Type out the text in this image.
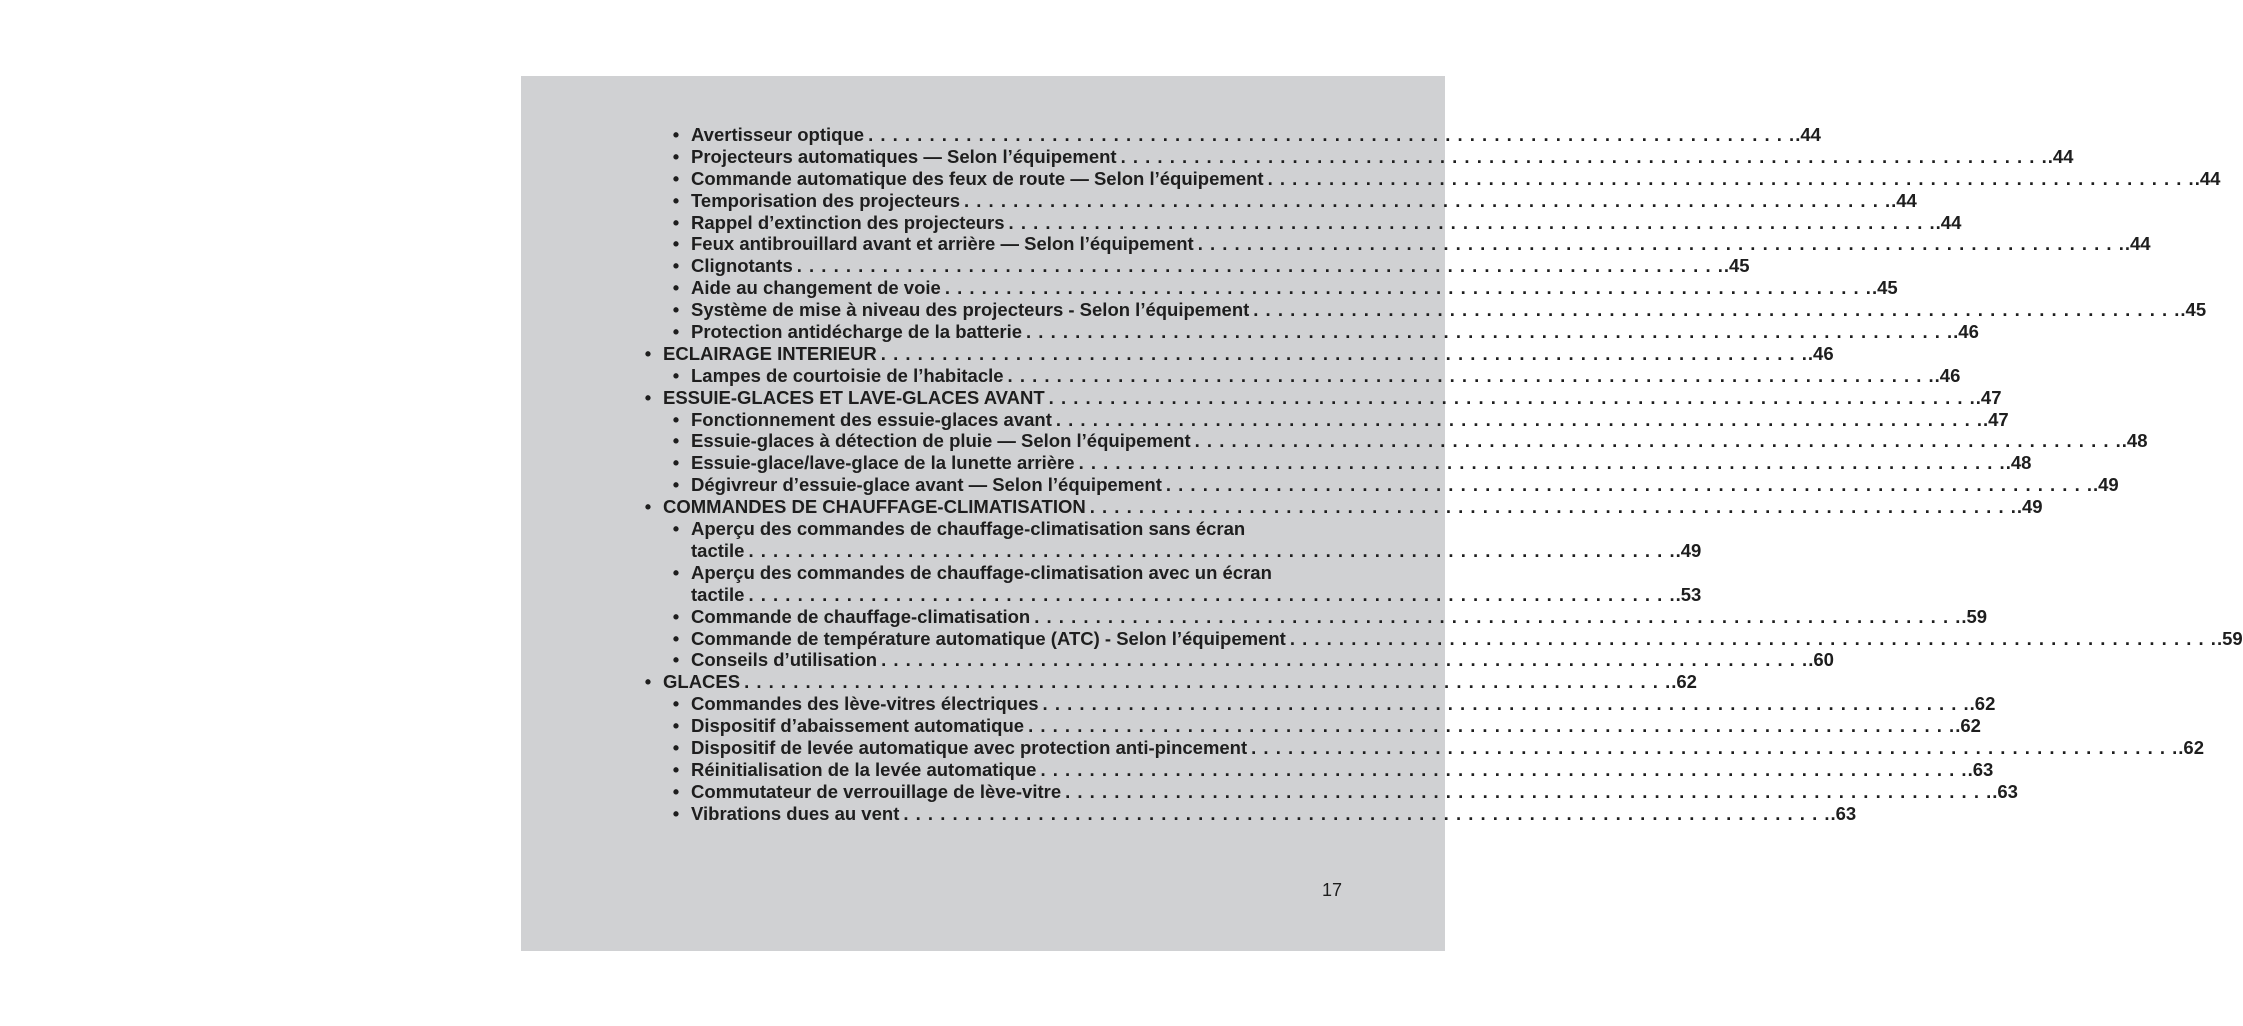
• Avertisseur optique . . . . . . . . . . . . . . . . . . . . . . . . . . . . . . . . . . . . . . . . . . . . . . . . . . . . . . . . . . . . . . . . . . . . . . . . . . . . .44
• Projecteurs automatiques — Selon l’équipement . . . . . . . . . . . . . . . . . . . . . . . . . . . . . . . . . . . . . . . . . . . . . . . . . . . . . . . . . . . . . . . . . . . . . . . . . . . . .44
• Commande automatique des feux de route — Selon l’équipement . . . . . . . . . . . . . . . . . . . . . . . . . . . . . . . . . . . . . . . . . . . . . . . . . . . . . . . . . . . . . . . . . . . . . . . . . . . . .44
• Temporisation des projecteurs . . . . . . . . . . . . . . . . . . . . . . . . . . . . . . . . . . . . . . . . . . . . . . . . . . . . . . . . . . . . . . . . . . . . . . . . . . . . .44
• Rappel d’extinction des projecteurs . . . . . . . . . . . . . . . . . . . . . . . . . . . . . . . . . . . . . . . . . . . . . . . . . . . . . . . . . . . . . . . . . . . . . . . . . . . . .44
• Feux antibrouillard avant et arrière — Selon l’équipement . . . . . . . . . . . . . . . . . . . . . . . . . . . . . . . . . . . . . . . . . . . . . . . . . . . . . . . . . . . . . . . . . . . . . . . . . . . . .44
• Clignotants . . . . . . . . . . . . . . . . . . . . . . . . . . . . . . . . . . . . . . . . . . . . . . . . . . . . . . . . . . . . . . . . . . . . . . . . . . . . .45
• Aide au changement de voie . . . . . . . . . . . . . . . . . . . . . . . . . . . . . . . . . . . . . . . . . . . . . . . . . . . . . . . . . . . . . . . . . . . . . . . . . . . . .45
• Système de mise à niveau des projecteurs - Selon l’équipement . . . . . . . . . . . . . . . . . . . . . . . . . . . . . . . . . . . . . . . . . . . . . . . . . . . . . . . . . . . . . . . . . . . . . . . . . . . . .45
• Protection antidécharge de la batterie . . . . . . . . . . . . . . . . . . . . . . . . . . . . . . . . . . . . . . . . . . . . . . . . . . . . . . . . . . . . . . . . . . . . . . . . . . . . .46
• ECLAIRAGE INTERIEUR . . . . . . . . . . . . . . . . . . . . . . . . . . . . . . . . . . . . . . . . . . . . . . . . . . . . . . . . . . . . . . . . . . . . . . . . . . . . .46
• Lampes de courtoisie de l’habitacle . . . . . . . . . . . . . . . . . . . . . . . . . . . . . . . . . . . . . . . . . . . . . . . . . . . . . . . . . . . . . . . . . . . . . . . . . . . . .46
• ESSUIE-GLACES ET LAVE-GLACES AVANT . . . . . . . . . . . . . . . . . . . . . . . . . . . . . . . . . . . . . . . . . . . . . . . . . . . . . . . . . . . . . . . . . . . . . . . . . . . . .47
• Fonctionnement des essuie-glaces avant . . . . . . . . . . . . . . . . . . . . . . . . . . . . . . . . . . . . . . . . . . . . . . . . . . . . . . . . . . . . . . . . . . . . . . . . . . . . .47
• Essuie-glaces à détection de pluie — Selon l’équipement . . . . . . . . . . . . . . . . . . . . . . . . . . . . . . . . . . . . . . . . . . . . . . . . . . . . . . . . . . . . . . . . . . . . . . . . . . . . .48
• Essuie-glace/lave-glace de la lunette arrière . . . . . . . . . . . . . . . . . . . . . . . . . . . . . . . . . . . . . . . . . . . . . . . . . . . . . . . . . . . . . . . . . . . . . . . . . . . . .48
• Dégivreur d’essuie-glace avant — Selon l’équipement . . . . . . . . . . . . . . . . . . . . . . . . . . . . . . . . . . . . . . . . . . . . . . . . . . . . . . . . . . . . . . . . . . . . . . . . . . . . .49
• COMMANDES DE CHAUFFAGE-CLIMATISATION . . . . . . . . . . . . . . . . . . . . . . . . . . . . . . . . . . . . . . . . . . . . . . . . . . . . . . . . . . . . . . . . . . . . . . . . . . . . .49
• Aperçu des commandes de chauffage-climatisation sans écran
tactile . . . . . . . . . . . . . . . . . . . . . . . . . . . . . . . . . . . . . . . . . . . . . . . . . . . . . . . . . . . . . . . . . . . . . . . . . . . . .49
• Aperçu des commandes de chauffage-climatisation avec un écran
tactile . . . . . . . . . . . . . . . . . . . . . . . . . . . . . . . . . . . . . . . . . . . . . . . . . . . . . . . . . . . . . . . . . . . . . . . . . . . . .53
• Commande de chauffage-climatisation . . . . . . . . . . . . . . . . . . . . . . . . . . . . . . . . . . . . . . . . . . . . . . . . . . . . . . . . . . . . . . . . . . . . . . . . . . . . .59
• Commande de température automatique (ATC) - Selon l’équipement . . . . . . . . . . . . . . . . . . . . . . . . . . . . . . . . . . . . . . . . . . . . . . . . . . . . . . . . . . . . . . . . . . . . . . . . . . . . .59
• Conseils d’utilisation . . . . . . . . . . . . . . . . . . . . . . . . . . . . . . . . . . . . . . . . . . . . . . . . . . . . . . . . . . . . . . . . . . . . . . . . . . . . .60
• GLACES . . . . . . . . . . . . . . . . . . . . . . . . . . . . . . . . . . . . . . . . . . . . . . . . . . . . . . . . . . . . . . . . . . . . . . . . . . . . .62
• Commandes des lève-vitres électriques . . . . . . . . . . . . . . . . . . . . . . . . . . . . . . . . . . . . . . . . . . . . . . . . . . . . . . . . . . . . . . . . . . . . . . . . . . . . .62
• Dispositif d’abaissement automatique . . . . . . . . . . . . . . . . . . . . . . . . . . . . . . . . . . . . . . . . . . . . . . . . . . . . . . . . . . . . . . . . . . . . . . . . . . . . .62
• Dispositif de levée automatique avec protection anti-pincement . . . . . . . . . . . . . . . . . . . . . . . . . . . . . . . . . . . . . . . . . . . . . . . . . . . . . . . . . . . . . . . . . . . . . . . . . . . . .62
• Réinitialisation de la levée automatique . . . . . . . . . . . . . . . . . . . . . . . . . . . . . . . . . . . . . . . . . . . . . . . . . . . . . . . . . . . . . . . . . . . . . . . . . . . . .63
• Commutateur de verrouillage de lève-vitre . . . . . . . . . . . . . . . . . . . . . . . . . . . . . . . . . . . . . . . . . . . . . . . . . . . . . . . . . . . . . . . . . . . . . . . . . . . . .63
• Vibrations dues au vent . . . . . . . . . . . . . . . . . . . . . . . . . . . . . . . . . . . . . . . . . . . . . . . . . . . . . . . . . . . . . . . . . . . . . . . . . . . . .63
17
